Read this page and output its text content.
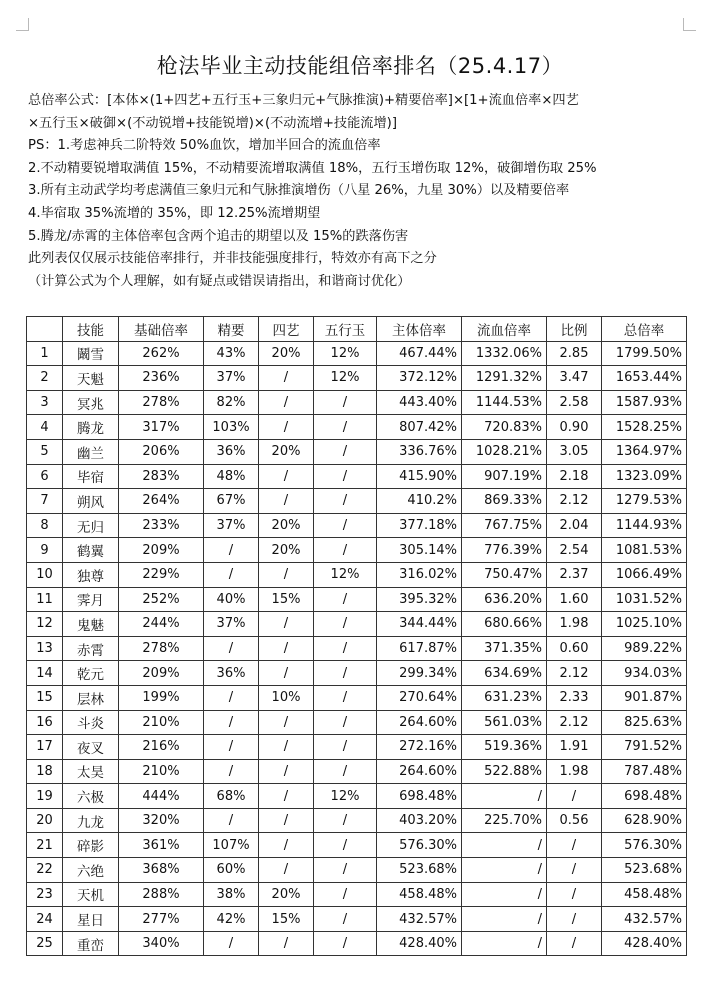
枪法毕业主动技能组倍率排名（25.4.17）
总倍率公式：[本体×(1+四艺+五行玉+三象归元+气脉推演)+精要倍率]×[1+流血倍率×四艺
×五行玉×破御×(不动锐增+技能锐增)×(不动流增+技能流增)]
PS：1.考虑神兵二阶特效 50%血饮，增加半回合的流血倍率
2.不动精要锐增取满值 15%，不动精要流增取满值 18%，五行玉增伤取 12%，破御增伤取 25%
3.所有主动武学均考虑满值三象归元和气脉推演增伤（八星 26%，九星 30%）以及精要倍率
4.毕宿取 35%流增的 35%，即 12.25%流增期望
5.腾龙/赤霄的主体倍率包含两个追击的期望以及 15%的跌落伤害
此列表仅仅展示技能倍率排行，并非技能强度排行，特效亦有高下之分
（计算公式为个人理解，如有疑点或错误请指出，和谐商讨优化）
	技能	基础倍率	精要	四艺	五行玉	主体倍率	流血倍率	比例	总倍率
1	鬫雪	262%	43%	20%	12%	467.44%	1332.06%	2.85	1799.50%
2	天魁	236%	37%	/	12%	372.12%	1291.32%	3.47	1653.44%
3	冥兆	278%	82%	/	/	443.40%	1144.53%	2.58	1587.93%
4	腾龙	317%	103%	/	/	807.42%	720.83%	0.90	1528.25%
5	幽兰	206%	36%	20%	/	336.76%	1028.21%	3.05	1364.97%
6	毕宿	283%	48%	/	/	415.90%	907.19%	2.18	1323.09%
7	朔风	264%	67%	/	/	410.2%	869.33%	2.12	1279.53%
8	无归	233%	37%	20%	/	377.18%	767.75%	2.04	1144.93%
9	鹤翼	209%	/	20%	/	305.14%	776.39%	2.54	1081.53%
10	独尊	229%	/	/	12%	316.02%	750.47%	2.37	1066.49%
11	霁月	252%	40%	15%	/	395.32%	636.20%	1.60	1031.52%
12	鬼魅	244%	37%	/	/	344.44%	680.66%	1.98	1025.10%
13	赤霄	278%	/	/	/	617.87%	371.35%	0.60	989.22%
14	乾元	209%	36%	/	/	299.34%	634.69%	2.12	934.03%
15	层林	199%	/	10%	/	270.64%	631.23%	2.33	901.87%
16	斗炎	210%	/	/	/	264.60%	561.03%	2.12	825.63%
17	夜叉	216%	/	/	/	272.16%	519.36%	1.91	791.52%
18	太昊	210%	/	/	/	264.60%	522.88%	1.98	787.48%
19	六极	444%	68%	/	12%	698.48%	/	/	698.48%
20	九龙	320%	/	/	/	403.20%	225.70%	0.56	628.90%
21	碎影	361%	107%	/	/	576.30%	/	/	576.30%
22	六绝	368%	60%	/	/	523.68%	/	/	523.68%
23	天机	288%	38%	20%	/	458.48%	/	/	458.48%
24	星日	277%	42%	15%	/	432.57%	/	/	432.57%
25	重峦	340%	/	/	/	428.40%	/	/	428.40%
